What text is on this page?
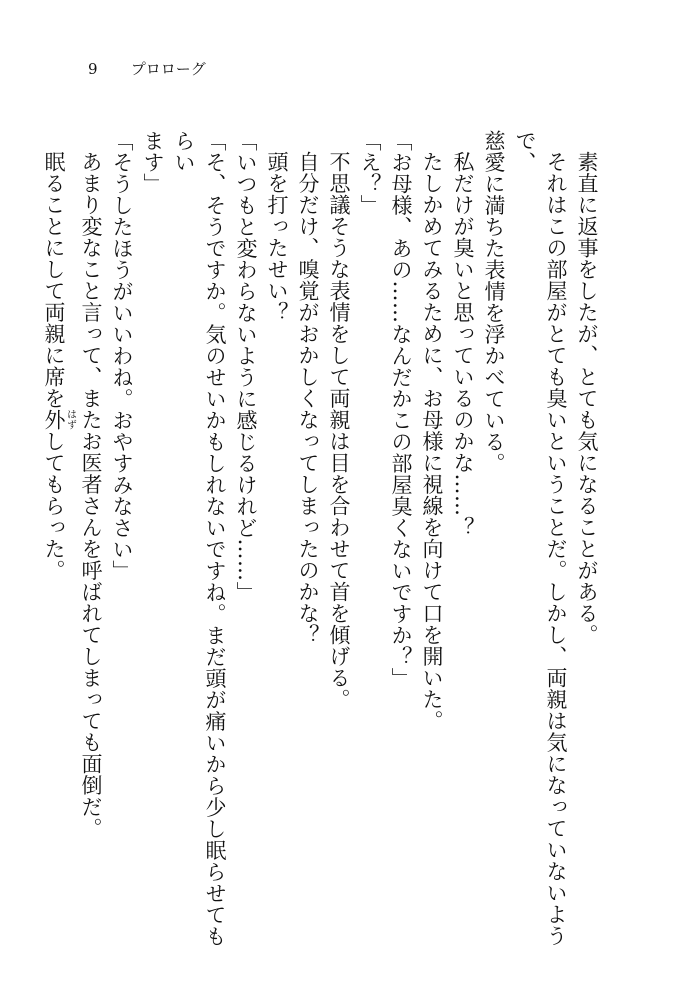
9 プロローグ
素直に返事をしたが、とても気になることがある。
それはこの部屋がとても臭いということだ。しかし、両親は気になっていないようで、
慈愛に満ちた表情を浮かべている。
私だけが臭いと思っているのかな……？
たしかめてみるために、お母様に視線を向けて口を開いた。
「お母様、あの……なんだかこの部屋臭くないですか？」
「え？」
不思議そうな表情をして両親は目を合わせて首を傾げる。
自分だけ、嗅覚がおかしくなってしまったのかな？
頭を打ったせい？
「いつもと変わらないように感じるけれど……」
「そ、そうですか。気のせいかもしれないですね。まだ頭が痛いから少し眠らせてもらい
ます」
「そうしたほうがいいわね。おやすみなさい」
あまり変なこと言って、またお医者さんを呼ばれてしまっても面倒だ。
眠ることにして両親に席を外はずしてもらった。
